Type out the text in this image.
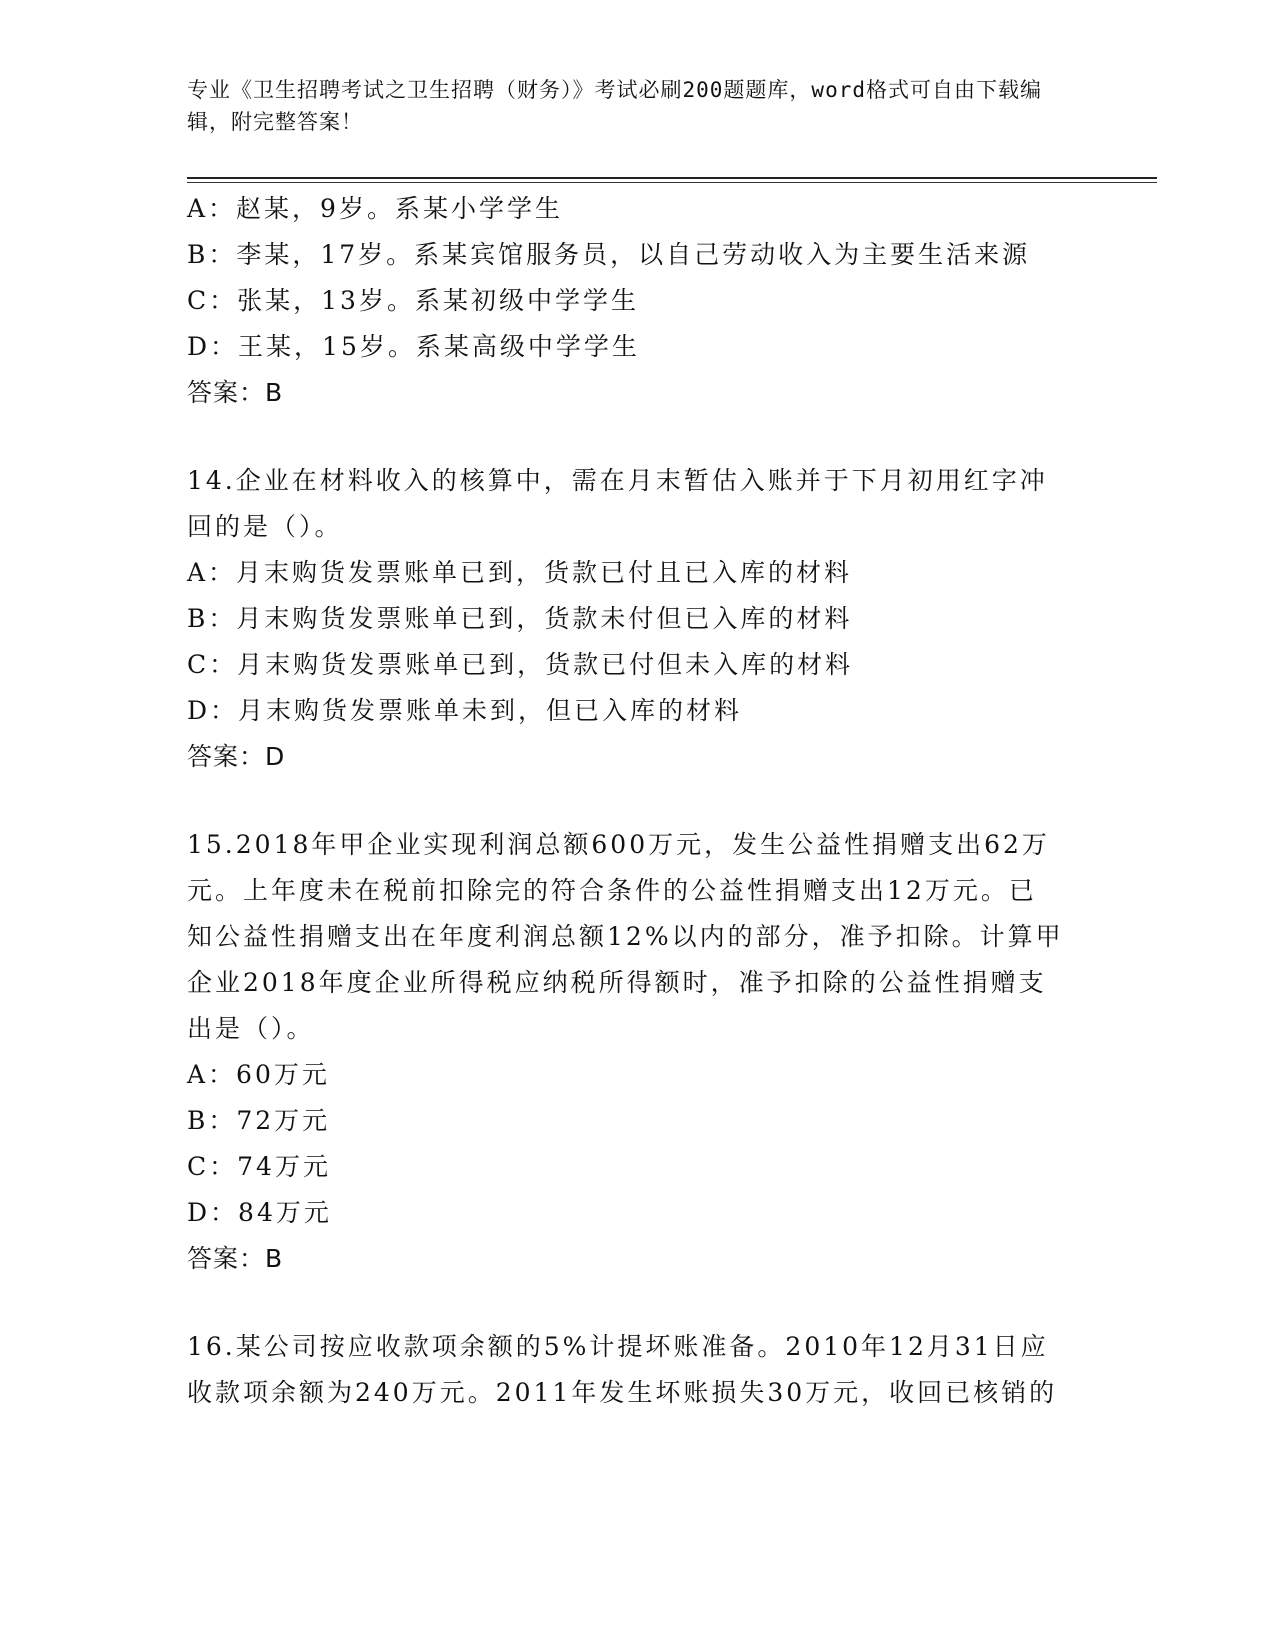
专业《卫生招聘考试之卫生招聘（财务）》考试必刷200题题库，word格式可自由下载编辑，附完整答案！
A：赵某，9岁。系某小学学生
B：李某，17岁。系某宾馆服务员，以自己劳动收入为主要生活来源
C：张某，13岁。系某初级中学学生
D：王某，15岁。系某高级中学学生
答案：B
14.企业在材料收入的核算中，需在月末暂估入账并于下月初用红字冲
回的是（）。
A：月末购货发票账单已到，货款已付且已入库的材料
B：月末购货发票账单已到，货款未付但已入库的材料
C：月末购货发票账单已到，货款已付但未入库的材料
D：月末购货发票账单未到，但已入库的材料
答案：D
15.2018年甲企业实现利润总额600万元，发生公益性捐赠支出62万
元。上年度未在税前扣除完的符合条件的公益性捐赠支出12万元。已
知公益性捐赠支出在年度利润总额12%以内的部分，准予扣除。计算甲
企业2018年度企业所得税应纳税所得额时，准予扣除的公益性捐赠支
出是（）。
A：60万元
B：72万元
C：74万元
D：84万元
答案：B
16.某公司按应收款项余额的5%计提坏账准备。2010年12月31日应
收款项余额为240万元。2011年发生坏账损失30万元，收回已核销的
